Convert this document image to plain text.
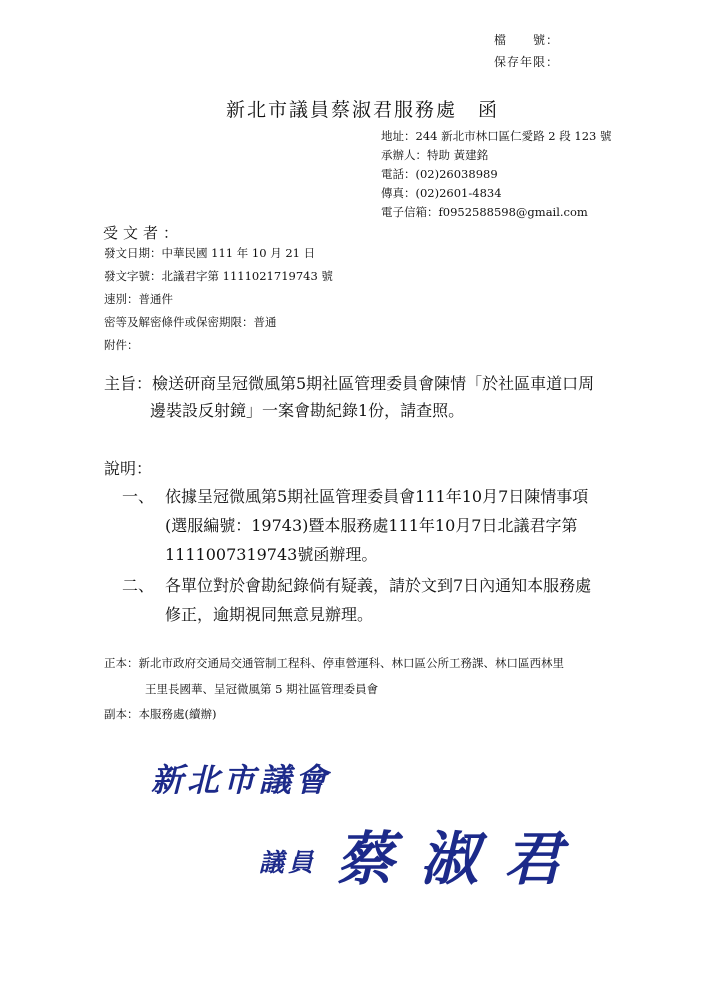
檔　　號：
保存年限：
新北市議員蔡淑君服務處　函
地址：244 新北市林口區仁愛路 2 段 123 號
承辦人：特助 黃建銘
電話：(02)26038989
傳真：(02)2601-4834
電子信箱：f0952588598@gmail.com
受文者：
發文日期：中華民國 111 年 10 月 21 日
發文字號：北議君字第 1111021719743 號
速別：普通件
密等及解密條件或保密期限：普通
附件：
主旨：檢送研商呈冠微風第5期社區管理委員會陳情「於社區車道口周
邊裝設反射鏡」一案會勘紀錄1份，請查照。
說明：
一、 依據呈冠微風第5期社區管理委員會111年10月7日陳情事項
(選服編號：19743)暨本服務處111年10月7日北議君字第
1111007319743號函辦理。
二、 各單位對於會勘紀錄倘有疑義，請於文到7日內通知本服務處
修正，逾期視同無意見辦理。
正本：新北市政府交通局交通管制工程科、停車營運科、林口區公所工務課、林口區西林里
王里長國華、呈冠微風第 5 期社區管理委員會
副本：本服務處(續辦)
新北市議會
議員 蔡淑君
